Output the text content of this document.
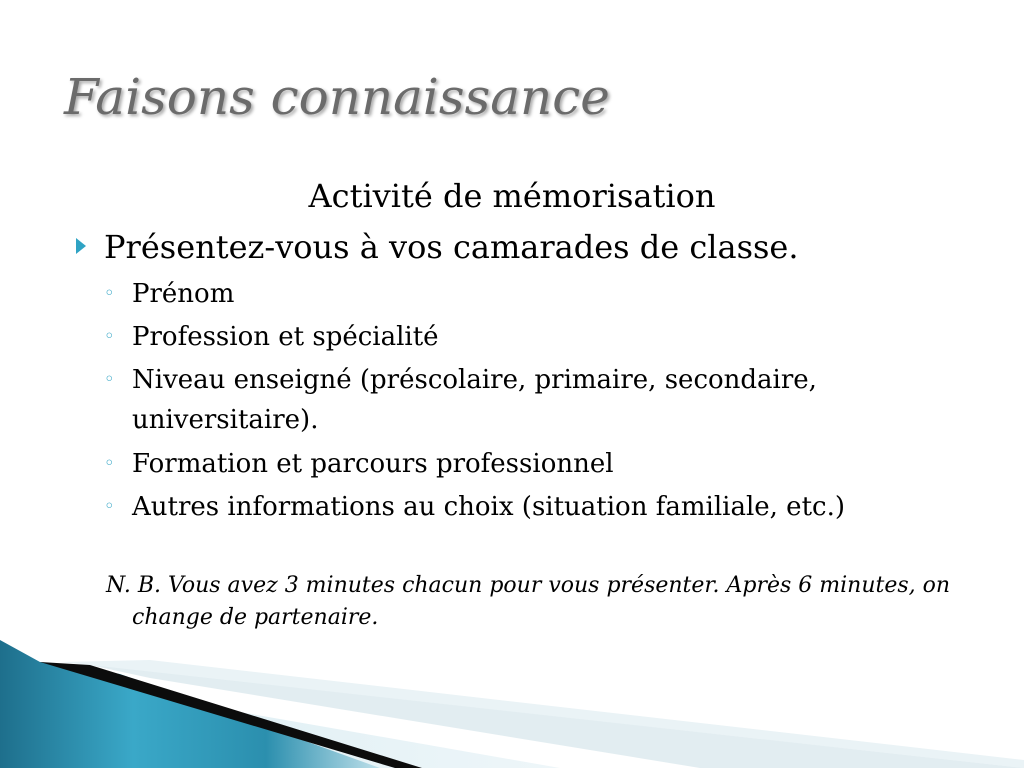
Faisons connaissance
Activité de mémorisation
Présentez-vous à vos camarades de classe.
◦ Prénom
◦ Profession et spécialité
◦ Niveau enseigné (préscolaire, primaire, secondaire, universitaire).
◦ Formation et parcours professionnel
◦ Autres informations au choix (situation familiale, etc.)
N. B. Vous avez 3 minutes chacun pour vous présenter. Après 6 minutes, on change de partenaire.
